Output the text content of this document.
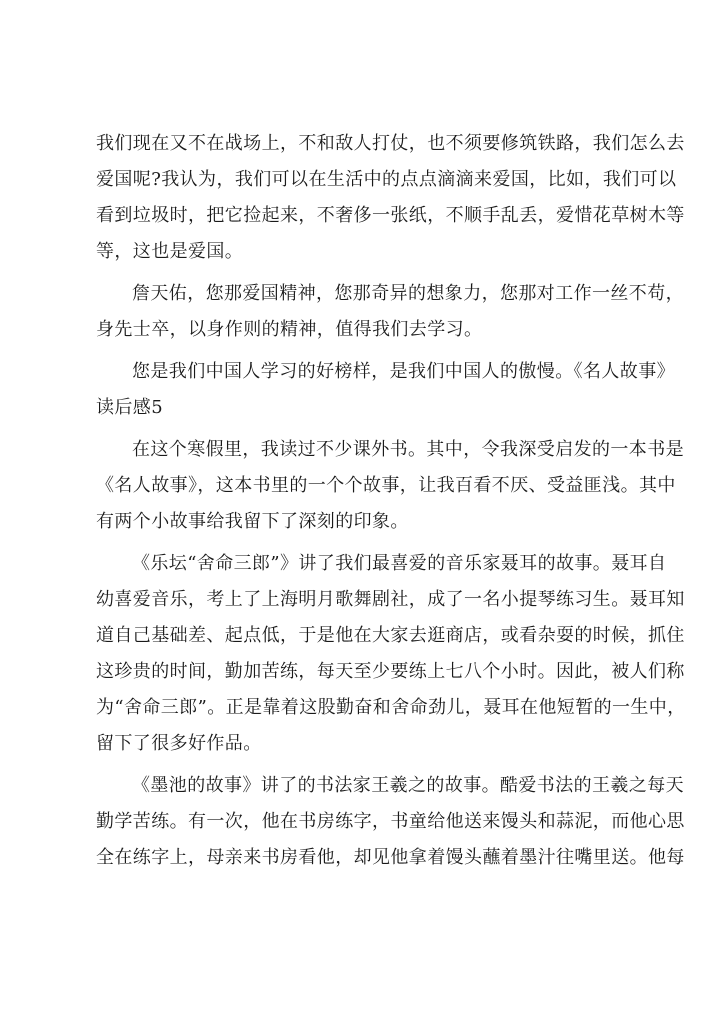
我们现在又不在战场上，不和敌人打仗，也不须要修筑铁路，我们怎么去
爱国呢?我认为，我们可以在生活中的点点滴滴来爱国，比如，我们可以
看到垃圾时，把它捡起来，不奢侈一张纸，不顺手乱丢，爱惜花草树木等
等，这也是爱国。
詹天佑，您那爱国精神，您那奇异的想象力，您那对工作一丝不苟，
身先士卒，以身作则的精神，值得我们去学习。
您是我们中国人学习的好榜样，是我们中国人的傲慢。《名人故事》
读后感5
在这个寒假里，我读过不少课外书。其中，令我深受启发的一本书是
《名人故事》，这本书里的一个个故事，让我百看不厌、受益匪浅。其中
有两个小故事给我留下了深刻的印象。
《乐坛“舍命三郎”》讲了我们最喜爱的音乐家聂耳的故事。聂耳自
幼喜爱音乐，考上了上海明月歌舞剧社，成了一名小提琴练习生。聂耳知
道自己基础差、起点低，于是他在大家去逛商店，或看杂耍的时候，抓住
这珍贵的时间，勤加苦练，每天至少要练上七八个小时。因此，被人们称
为“舍命三郎”。正是靠着这股勤奋和舍命劲儿，聂耳在他短暂的一生中，
留下了很多好作品。
《墨池的故事》讲了的书法家王羲之的故事。酷爱书法的王羲之每天
勤学苦练。有一次，他在书房练字，书童给他送来馒头和蒜泥，而他心思
全在练字上，母亲来书房看他，却见他拿着馒头蘸着墨汁往嘴里送。他每
